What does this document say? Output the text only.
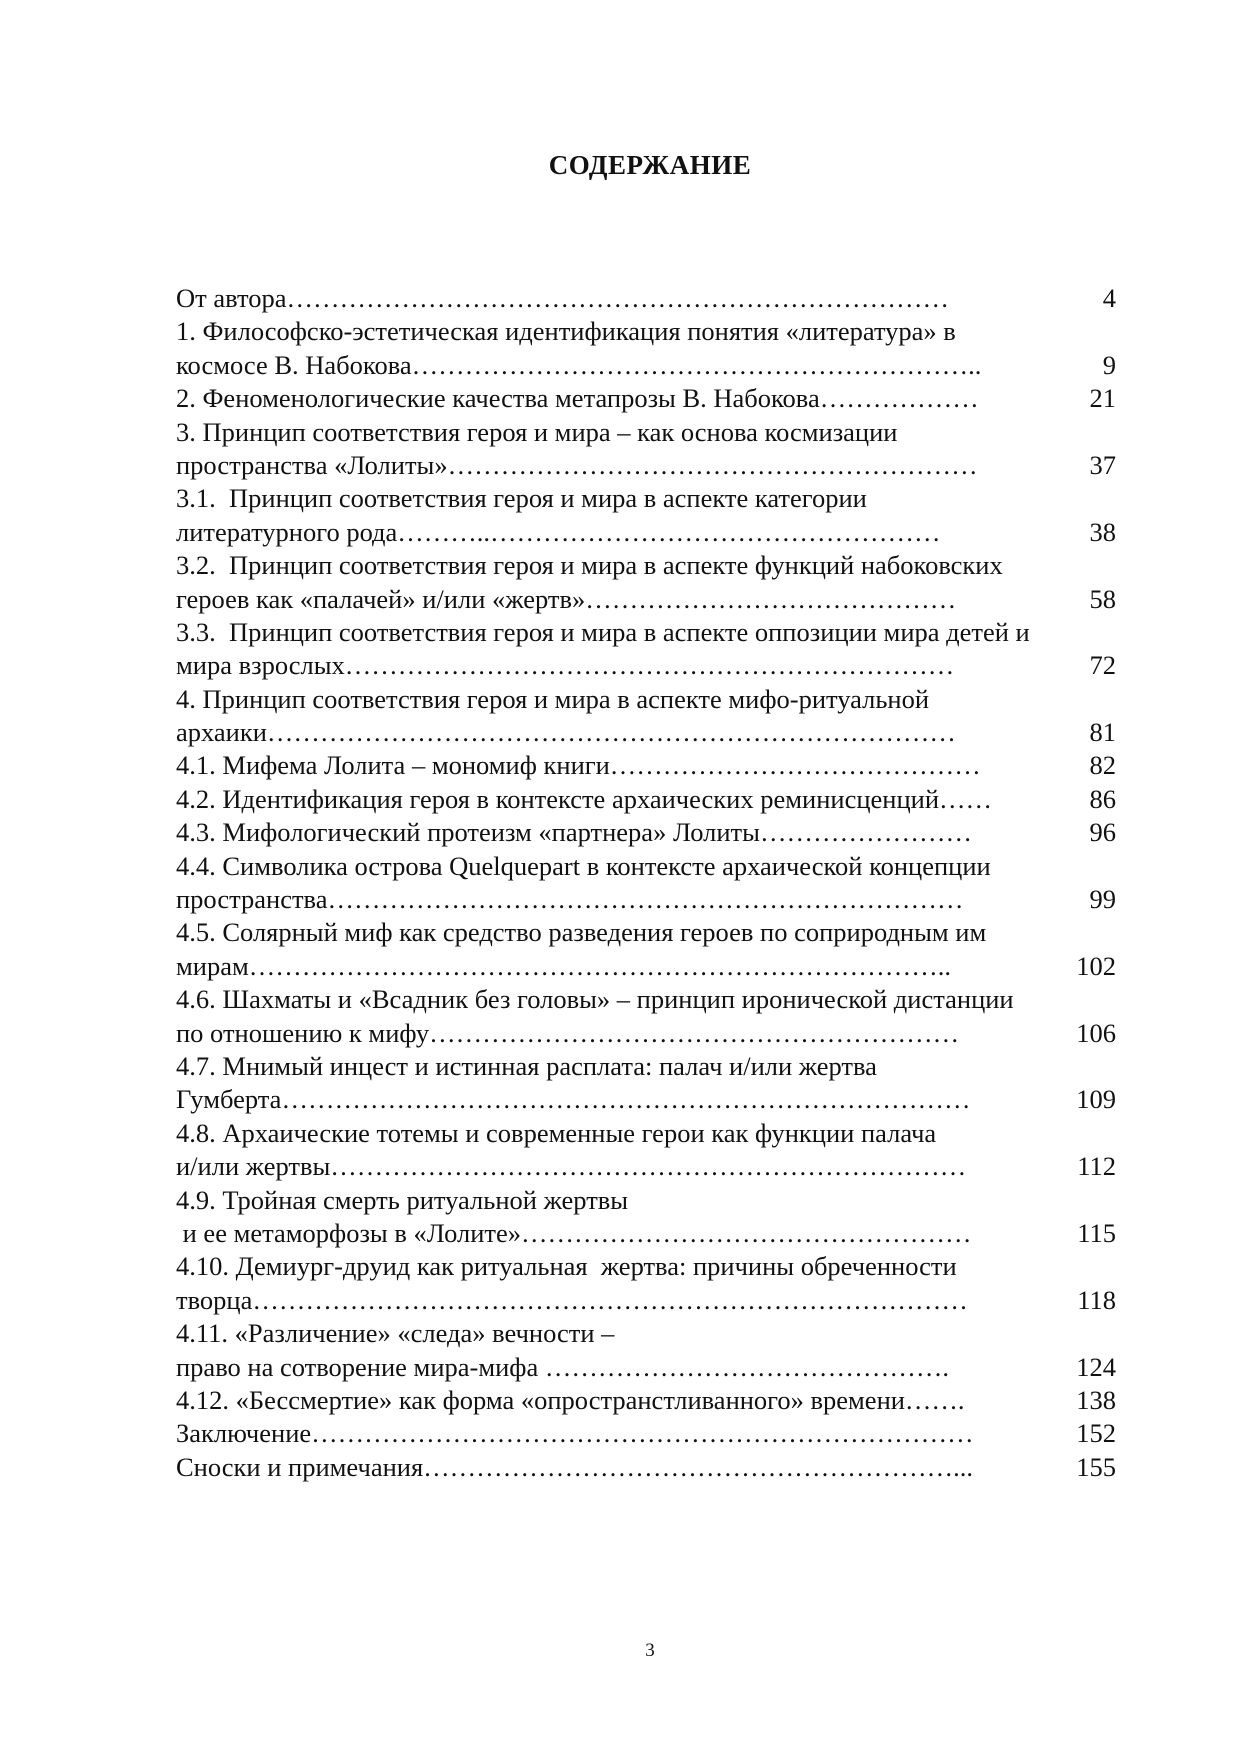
СОДЕРЖАНИЕ
От автора…………………………………………………………………	4
1. Философско-эстетическая идентификация понятия «литература» в
космосе В. Набокова………………………………………………………..	9
2. Феноменологические качества метапрозы В. Набокова………………	21
3. Принцип соответствия героя и мира – как основа космизации
пространства «Лолиты»……………………………………………………	37
3.1.  Принцип соответствия героя и мира в аспекте категории
литературного рода………..……………………………………………	38
3.2.  Принцип соответствия героя и мира в аспекте функций набоковских
героев как «палачей» и/или «жертв»……………………………………	58
3.3.  Принцип соответствия героя и мира в аспекте оппозиции мира детей и
мира взрослых……………………………………………………………	72
4. Принцип соответствия героя и мира в аспекте мифо-ритуальной
архаики……………………………………………………………………	81
4.1. Мифема Лолита – мономиф книги……………………………………	82
4.2. Идентификация героя в контексте архаических реминисценций……	86
4.3. Мифологический протеизм «партнера» Лолиты……………………	96
4.4. Символика острова Quelquepart в контексте архаической концепции
пространства………………………………………………………………	99
4.5. Солярный миф как средство разведения героев по соприродным им
мирам……………………………………………………………………..	102
4.6. Шахматы и «Всадник без головы» – принцип иронической дистанции
по отношению к мифу……………………………………………………	106
4.7. Мнимый инцест и истинная расплата: палач и/или жертва
Гумберта……………………………………………………………………	109
4.8. Архаические тотемы и современные герои как функции палача
и/или жертвы………………………………………………………………	112
4.9. Тройная смерть ритуальной жертвы
и ее метаморфозы в «Лолите»……………………………………………	115
4.10. Демиург-друид как ритуальная  жертва: причины обреченности
творца………………………………………………………………………	118
4.11. «Различение» «следа» вечности –
право на сотворение мира-мифа ……………………………………….	124
4.12. «Бессмертие» как форма «опространстливанного» времени…….	138
Заключение…………………………………………………………………	152
Сноски и примечания……………………………………………………...	155
3
